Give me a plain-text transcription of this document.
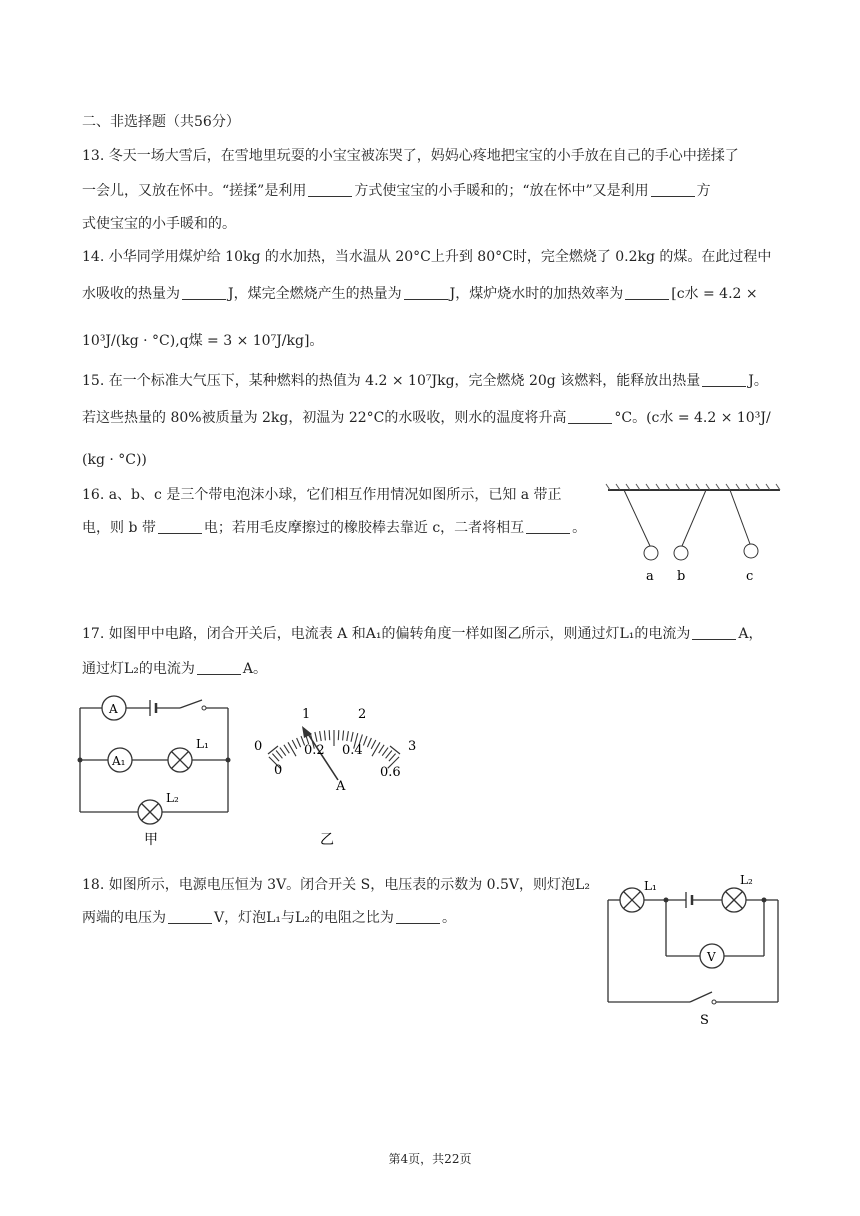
二、非选择题（共56分）
13. 冬天一场大雪后，在雪地里玩耍的小宝宝被冻哭了，妈妈心疼地把宝宝的小手放在自己的手心中搓揉了
一会儿，又放在怀中。“搓揉”是利用	方式使宝宝的小手暖和的；“放在怀中”又是利用	方
式使宝宝的小手暖和的。
14. 小华同学用煤炉给 10kg 的水加热，当水温从 20°C上升到 80°C时，完全燃烧了 0.2kg 的煤。在此过程中
水吸收的热量为	J，煤完全燃烧产生的热量为	J，煤炉烧水时的加热效率为	[c水 = 4.2 ×
10³J/(kg · °C),q煤 = 3 × 10⁷J/kg]。
15. 在一个标准大气压下，某种燃料的热值为 4.2 × 10⁷Jkg，完全燃烧 20g 该燃料，能释放出热量	J。
若这些热量的 80%被质量为 2kg，初温为 22°C的水吸收，则水的温度将升高	°C。(c水 = 4.2 × 10³J/
(kg · °C))
16. a、b、c 是三个带电泡沫小球，它们相互作用情况如图所示，已知 a 带正
电，则 b 带	电；若用毛皮摩擦过的橡胶棒去靠近 c，二者将相互	。
a b	c
17. 如图甲中电路，闭合开关后，电流表 A 和A₁的偏转角度一样如图乙所示，则通过灯L₁的电流为	A，
通过灯L₂的电流为	A。
A
A₁
L₁
L₂
甲
0
1	2
3
0
0.2 0.4
0.6
A
乙
18. 如图所示，电源电压恒为 3V。闭合开关 S，电压表的示数为 0.5V，则灯泡L₂
两端的电压为	V，灯泡L₁与L₂的电阻之比为	。
L₁	L₂
V
S
第4页，共22页
